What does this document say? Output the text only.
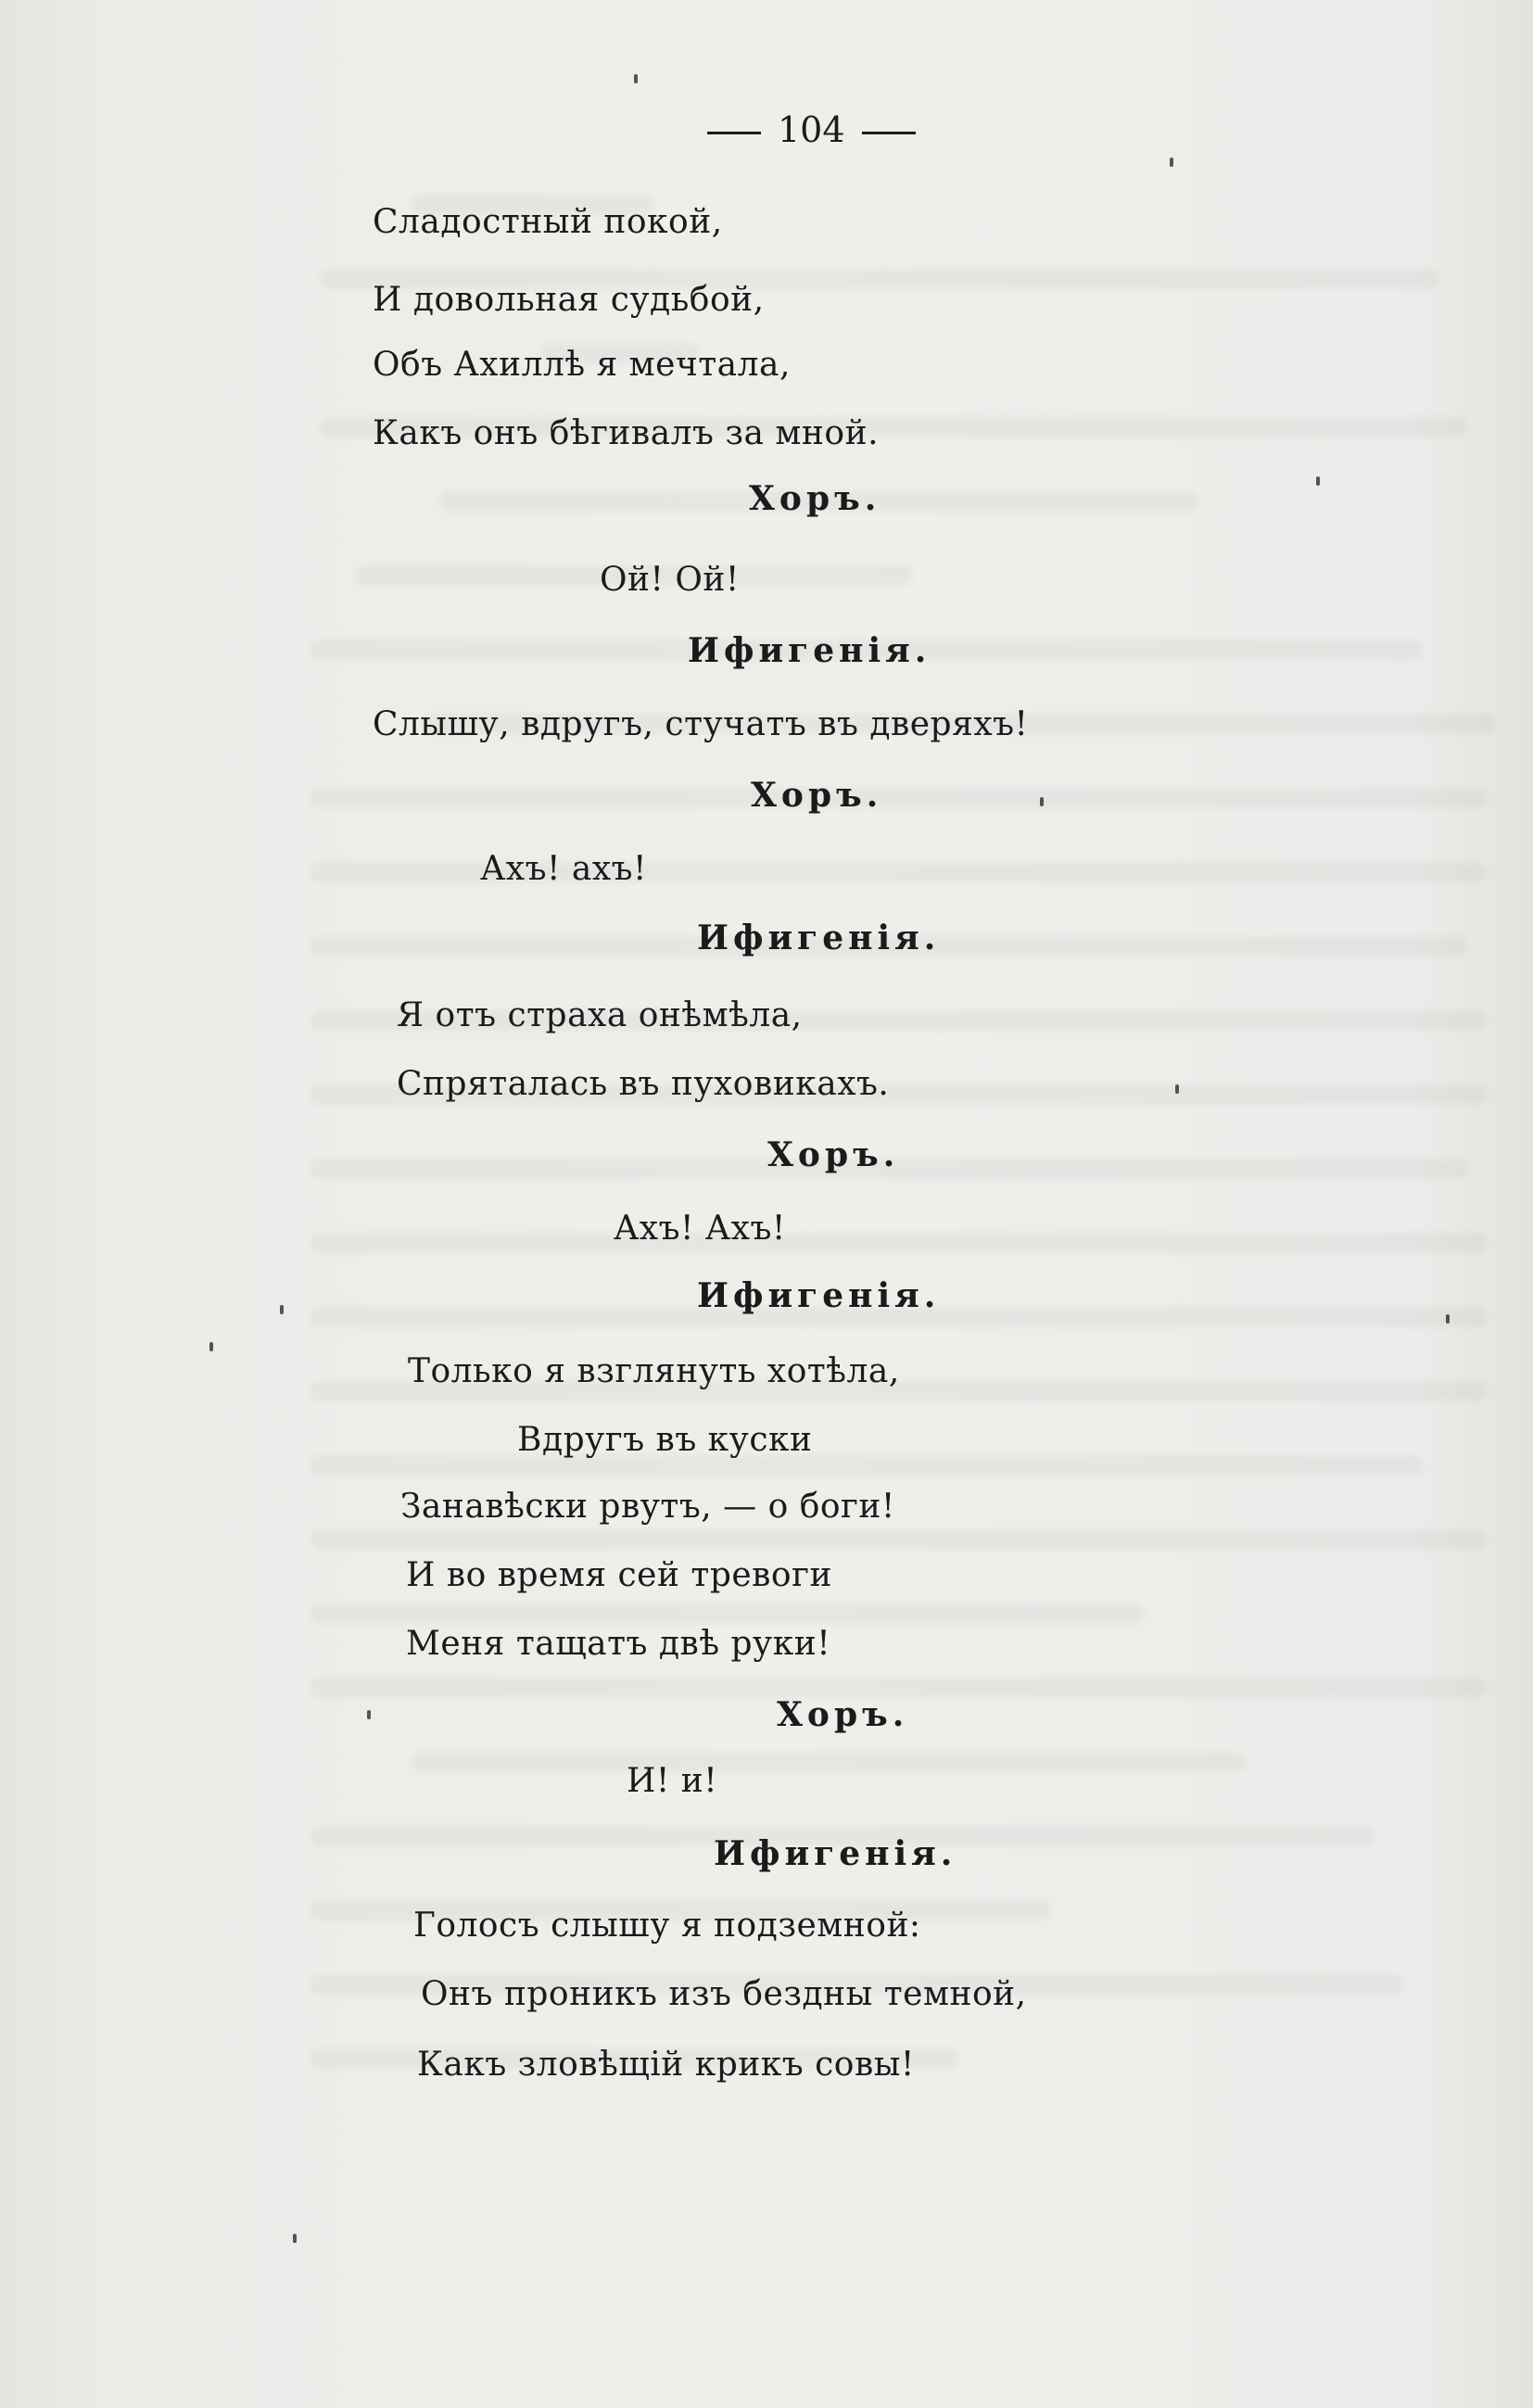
104
Сладостный покой,
И довольная судьбой,
Объ Ахиллѣ я мечтала,
Какъ онъ бѣгивалъ за мной.
Хоръ.
Ой! Ой!
Ифигенія.
Слышу, вдругъ, стучатъ въ дверяхъ!
Хоръ.
Ахъ! ахъ!
Ифигенія.
Я отъ страха онѣмѣла,
Спряталась въ пуховикахъ.
Хоръ.
Ахъ! Ахъ!
Ифигенія.
Только я взглянуть хотѣла,
Вдругъ въ куски
Занавѣски рвутъ, — о боги!
И во время сей тревоги
Меня тащатъ двѣ руки!
Хоръ.
И! и!
Ифигенія.
Голосъ слышу я подземной:
Онъ проникъ изъ бездны темной,
Какъ зловѣщій крикъ совы!
